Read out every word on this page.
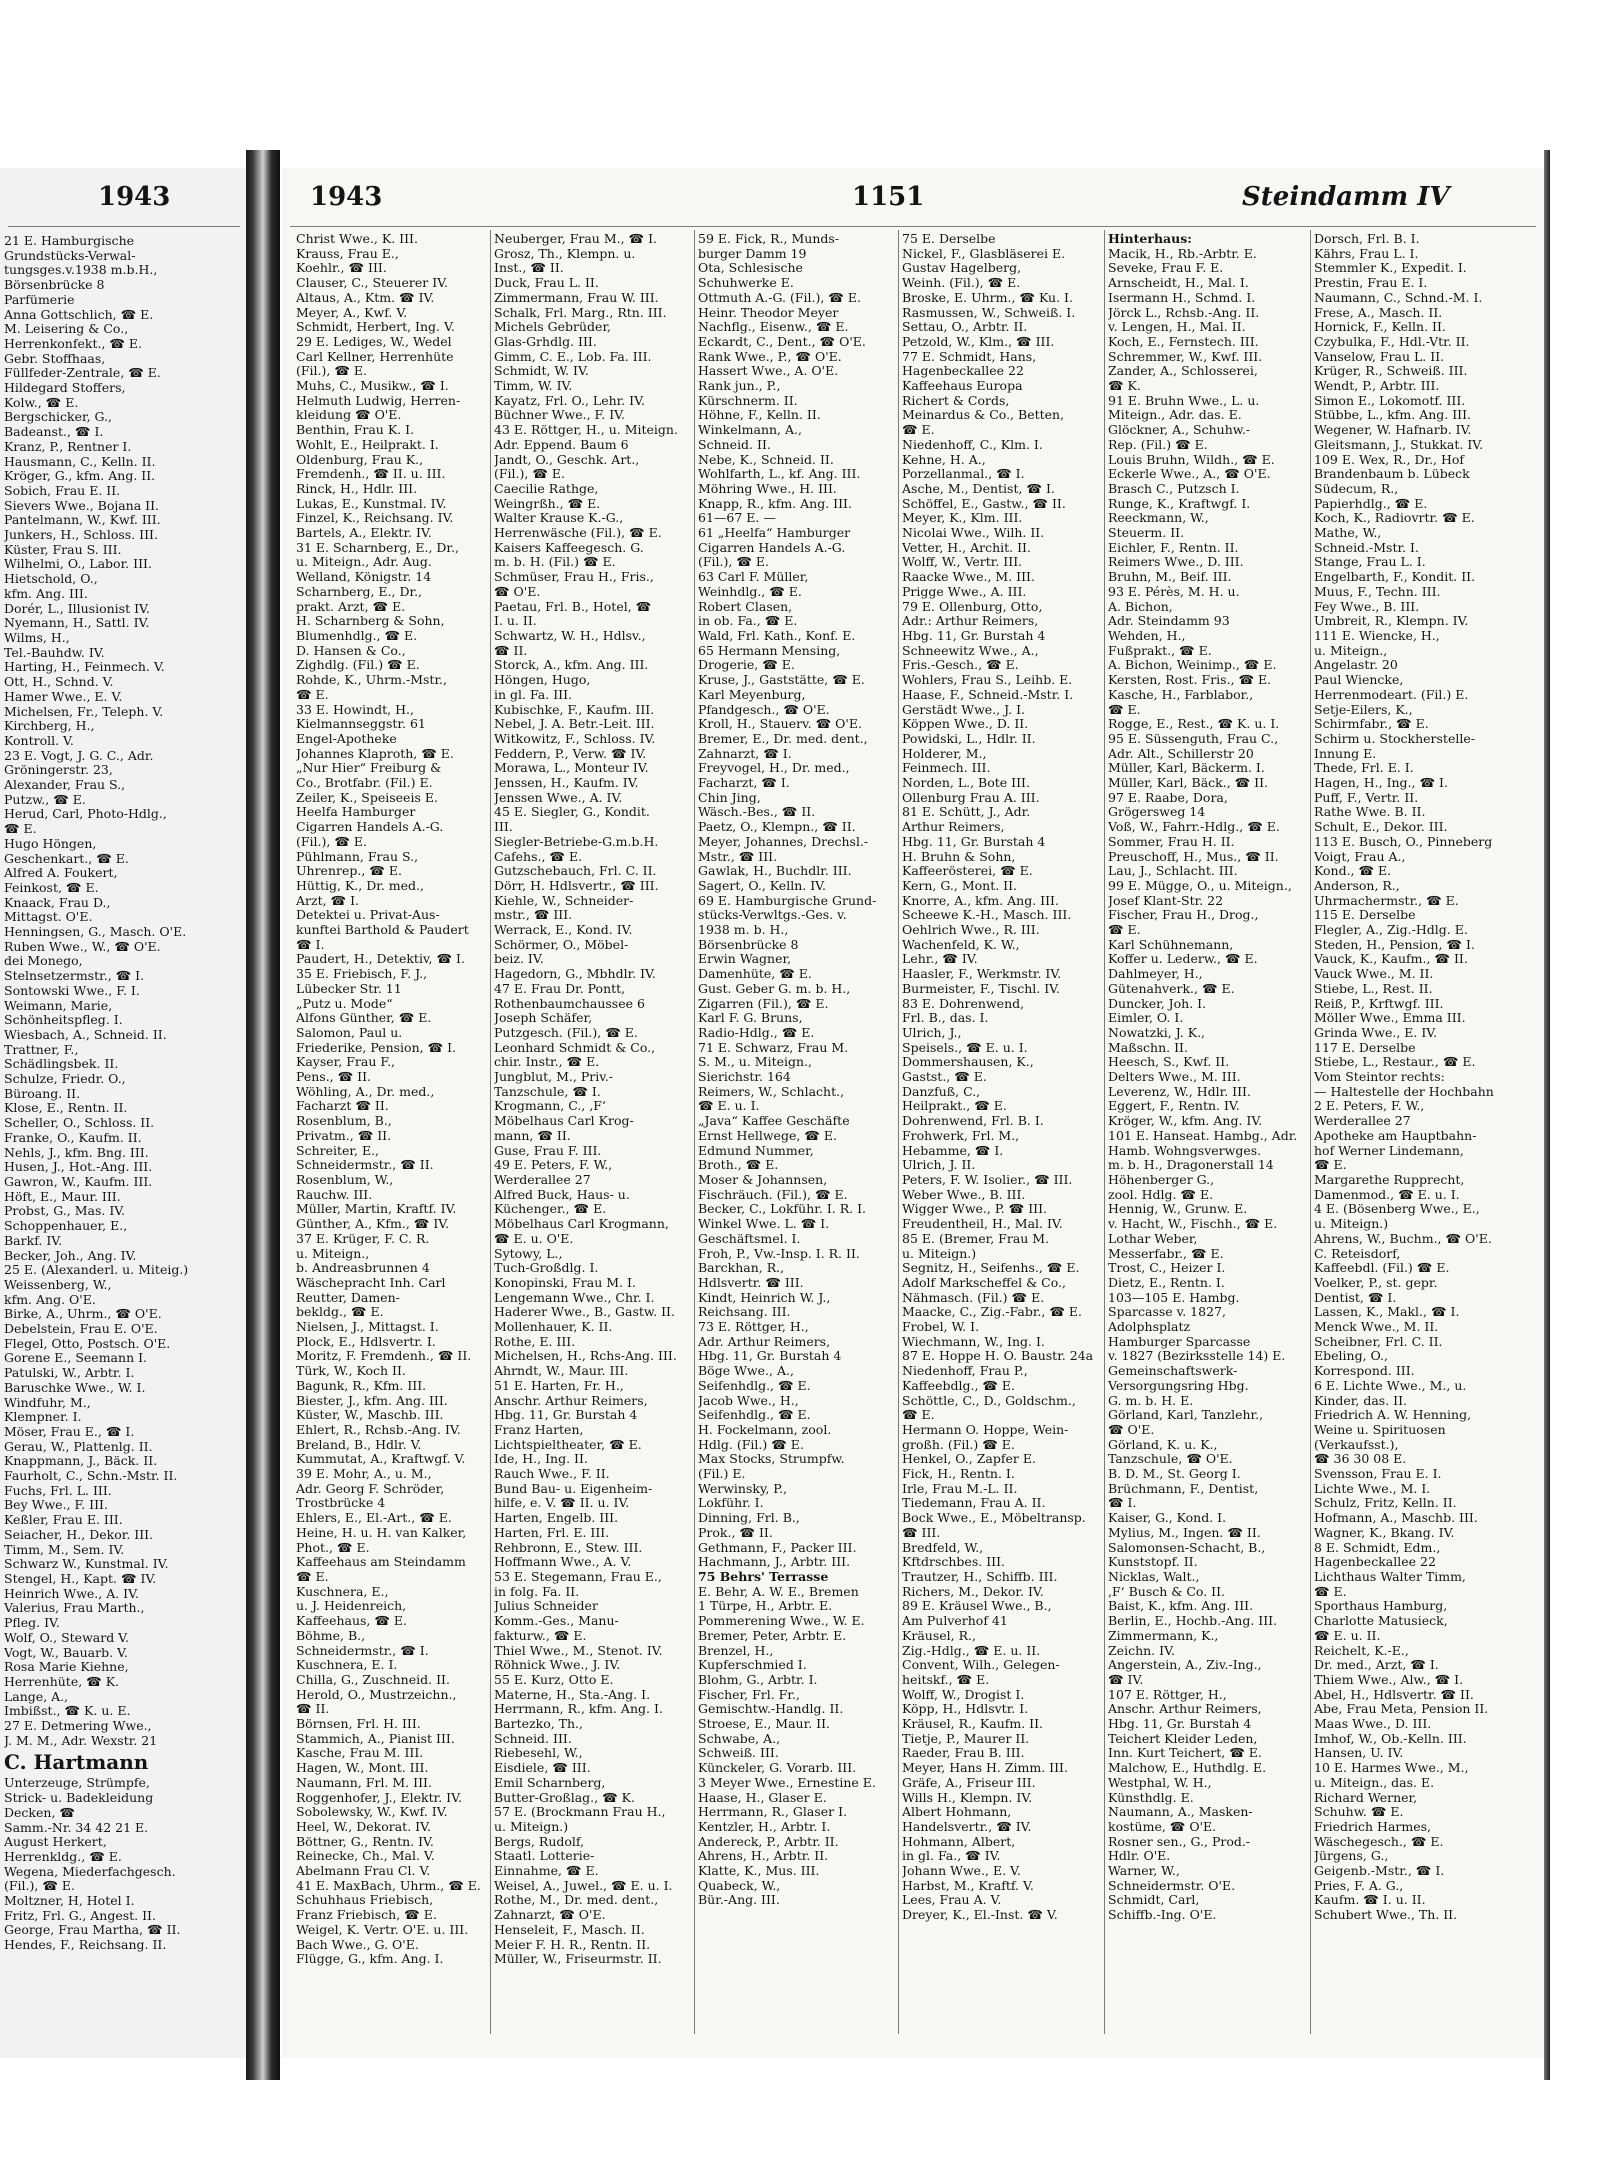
1943
21 E. Hamburgische
Grundstücks-Verwal-
tungsges.v.1938 m.b.H.,
Börsenbrücke 8
Parfümerie
Anna Gottschlich, ☎ E.
M. Leisering & Co.,
Herrenkonfekt., ☎ E.
Gebr. Stoffhaas,
Füllfeder-Zentrale, ☎ E.
Hildegard Stoffers,
Kolw., ☎ E.
Bergschicker, G.,
Badeanst., ☎ I.
Kranz, P., Rentner I.
Hausmann, C., Kelln. II.
Kröger, G., kfm. Ang. II.
Sobich, Frau E. II.
Sievers Wwe., Bojana II.
Pantelmann, W., Kwf. III.
Junkers, H., Schloss. III.
Küster, Frau S. III.
Wilhelmi, O., Labor. III.
Hietschold, O.,
kfm. Ang. III.
Dorér, L., Illusionist IV.
Nyemann, H., Sattl. IV.
Wilms, H.,
Tel.-Bauhdw. IV.
Harting, H., Feinmech. V.
Ott, H., Schnd. V.
Hamer Wwe., E. V.
Michelsen, Fr., Teleph. V.
Kirchberg, H.,
Kontroll. V.
23 E. Vogt, J. G. C., Adr.
Gröningerstr. 23,
Alexander, Frau S.,
Putzw., ☎ E.
Herud, Carl, Photo-Hdlg.,
☎ E.
Hugo Höngen,
Geschenkart., ☎ E.
Alfred A. Foukert,
Feinkost, ☎ E.
Knaack, Frau D.,
Mittagst. O'E.
Henningsen, G., Masch. O'E.
Ruben Wwe., W., ☎ O'E.
dei Monego,
Stelnsetzermstr., ☎ I.
Sontowski Wwe., F. I.
Weimann, Marie,
Schönheitspfleg. I.
Wiesbach, A., Schneid. II.
Trattner, F.,
Schädlingsbek. II.
Schulze, Friedr. O.,
Büroang. II.
Klose, E., Rentn. II.
Scheller, O., Schloss. II.
Franke, O., Kaufm. II.
Nehls, J., kfm. Bng. III.
Husen, J., Hot.-Ang. III.
Gawron, W., Kaufm. III.
Höft, E., Maur. III.
Probst, G., Mas. IV.
Schoppenhauer, E.,
Barkf. IV.
Becker, Joh., Ang. IV.
25 E. (Alexanderl. u. Miteig.)
Weissenberg, W.,
kfm. Ang. O'E.
Birke, A., Uhrm., ☎ O'E.
Debelstein, Frau E. O'E.
Flegel, Otto, Postsch. O'E.
Gorene E., Seemann I.
Patulski, W., Arbtr. I.
Baruschke Wwe., W. I.
Windfuhr, M.,
Klempner. I.
Möser, Frau E., ☎ I.
Gerau, W., Plattenlg. II.
Knappmann, J., Bäck. II.
Faurholt, C., Schn.-Mstr. II.
Fuchs, Frl. L. III.
Bey Wwe., F. III.
Keßler, Frau E. III.
Seiacher, H., Dekor. III.
Timm, M., Sem. IV.
Schwarz W., Kunstmal. IV.
Stengel, H., Kapt. ☎ IV.
Heinrich Wwe., A. IV.
Valerius, Frau Marth.,
Pfleg. IV.
Wolf, O., Steward V.
Vogt, W., Bauarb. V.
Rosa Marie Kiehne,
Herrenhüte, ☎ K.
Lange, A.,
Imbißst., ☎ K. u. E.
27 E. Detmering Wwe.,
J. M. M., Adr. Wexstr. 21
C. Hartmann
Unterzeuge, Strümpfe,
Strick- u. Badekleidung
Decken, ☎
Samm.-Nr. 34 42 21 E.
August Herkert,
Herrenkldg., ☎ E.
Wegena, Miederfachgesch.
(Fil.), ☎ E.
Moltzner, H, Hotel I.
Fritz, Frl. G., Angest. II.
George, Frau Martha, ☎ II.
Hendes, F., Reichsang. II.
1943	1151	Steindamm IV
Christ Wwe., K. III.
Krauss, Frau E.,
Koehlr., ☎ III.
Clauser, C., Steuerer IV.
Altaus, A., Ktm. ☎ IV.
Meyer, A., Kwf. V.
Schmidt, Herbert, Ing. V.
29 E. Lediges, W., Wedel
Carl Kellner, Herrenhüte
(Fil.), ☎ E.
Muhs, C., Musikw., ☎ I.
Helmuth Ludwig, Herren-
kleidung ☎ O'E.
Benthin, Frau K. I.
Wohlt, E., Heilprakt. I.
Oldenburg, Frau K.,
Fremdenh., ☎ II. u. III.
Rinck, H., Hdlr. III.
Lukas, E., Kunstmal. IV.
Finzel, K., Reichsang. IV.
Bartels, A., Elektr. IV.
31 E. Scharnberg, E., Dr.,
u. Miteign., Adr. Aug.
Welland, Königstr. 14
Scharnberg, E., Dr.,
prakt. Arzt, ☎ E.
H. Scharnberg & Sohn,
Blumenhdlg., ☎ E.
D. Hansen & Co.,
Zighdlg. (Fil.) ☎ E.
Rohde, K., Uhrm.-Mstr.,
☎ E.
33 E. Howindt, H.,
Kielmannseggstr. 61
Engel-Apotheke
Johannes Klaproth, ☎ E.
„Nur Hier“ Freiburg &
Co., Brotfabr. (Fil.) E.
Zeiler, K., Speiseeis E.
Heelfa Hamburger
Cigarren Handels A.-G.
(Fil.), ☎ E.
Pühlmann, Frau S.,
Uhrenrep., ☎ E.
Hüttig, K., Dr. med.,
Arzt, ☎ I.
Detektei u. Privat-Aus-
kunftei Barthold & Paudert
☎ I.
Paudert, H., Detektiv, ☎ I.
35 E. Friebisch, F. J.,
Lübecker Str. 11
„Putz u. Mode“
Alfons Günther, ☎ E.
Salomon, Paul u.
Friederike, Pension, ☎ I.
Kayser, Frau F.,
Pens., ☎ II.
Wöhling, A., Dr. med.,
Facharzt ☎ II.
Rosenblum, B.,
Privatm., ☎ II.
Schreiter, E.,
Schneidermstr., ☎ II.
Rosenblum, W.,
Rauchw. III.
Müller, Martin, Kraftf. IV.
Günther, A., Kfm., ☎ IV.
37 E. Krüger, F. C. R.
u. Miteign.,
b. Andreasbrunnen 4
Wäschepracht Inh. Carl
Reutter, Damen-
bekldg., ☎ E.
Nielsen, J., Mittagst. I.
Plock, E., Hdlsvertr. I.
Moritz, F. Fremdenh., ☎ II.
Türk, W., Koch II.
Bagunk, R., Kfm. III.
Biester, J., kfm. Ang. III.
Küster, W., Maschb. III.
Ehlert, R., Rchsb.-Ang. IV.
Breland, B., Hdlr. V.
Kummutat, A., Kraftwgf. V.
39 E. Mohr, A., u. M.,
Adr. Georg F. Schröder,
Trostbrücke 4
Ehlers, E., El.-Art., ☎ E.
Heine, H. u. H. van Kalker,
Phot., ☎ E.
Kaffeehaus am Steindamm
☎ E.
Kuschnera, E.,
u. J. Heidenreich,
Kaffeehaus, ☎ E.
Böhme, B.,
Schneidermstr., ☎ I.
Kuschnera, E. I.
Chilla, G., Zuschneid. II.
Herold, O., Mustrzeichn.,
☎ II.
Börnsen, Frl. H. III.
Stammich, A., Pianist III.
Kasche, Frau M. III.
Hagen, W., Mont. III.
Naumann, Frl. M. III.
Roggenhofer, J., Elektr. IV.
Sobolewsky, W., Kwf. IV.
Heel, W., Dekorat. IV.
Böttner, G., Rentn. IV.
Reinecke, Ch., Mal. V.
Abelmann Frau Cl. V.
41 E. MaxBach, Uhrm., ☎ E.
Schuhhaus Friebisch,
Franz Friebisch, ☎ E.
Weigel, K. Vertr. O'E. u. III.
Bach Wwe., G. O'E.
Flügge, G., kfm. Ang. I.
Neuberger, Frau M., ☎ I.
Grosz, Th., Klempn. u.
Inst., ☎ II.
Duck, Frau L. II.
Zimmermann, Frau W. III.
Schalk, Frl. Marg., Rtn. III.
Michels Gebrüder,
Glas-Grhdlg. III.
Gimm, C. E., Lob. Fa. III.
Schmidt, W. IV.
Timm, W. IV.
Kayatz, Frl. O., Lehr. IV.
Büchner Wwe., F. IV.
43 E. Röttger, H., u. Miteign.
Adr. Eppend. Baum 6
Jandt, O., Geschk. Art.,
(Fil.), ☎ E.
Caecilie Rathge,
Weingrßh., ☎ E.
Walter Krause K.-G.,
Herrenwäsche (Fil.), ☎ E.
Kaisers Kaffeegesch. G.
m. b. H. (Fil.) ☎ E.
Schmüser, Frau H., Fris.,
☎ O'E.
Paetau, Frl. B., Hotel, ☎
I. u. II.
Schwartz, W. H., Hdlsv.,
☎ II.
Storck, A., kfm. Ang. III.
Höngen, Hugo,
in gl. Fa. III.
Kubischke, F., Kaufm. III.
Nebel, J. A. Betr.-Leit. III.
Witkowitz, F., Schloss. IV.
Feddern, P., Verw. ☎ IV.
Morawa, L., Monteur IV.
Jenssen, H., Kaufm. IV.
Jenssen Wwe., A. IV.
45 E. Siegler, G., Kondit.
III.
Siegler-Betriebe-G.m.b.H.
Cafehs., ☎ E.
Gutzschebauch, Frl. C. II.
Dörr, H. Hdlsvertr., ☎ III.
Kiehle, W., Schneider-
mstr., ☎ III.
Werrack, E., Kond. IV.
Schörmer, O., Möbel-
beiz. IV.
Hagedorn, G., Mbhdlr. IV.
47 E. Frau Dr. Pontt,
Rothenbaumchaussee 6
Joseph Schäfer,
Putzgesch. (Fil.), ☎ E.
Leonhard Schmidt & Co.,
chir. Instr., ☎ E.
Jungblut, M., Priv.-
Tanzschule, ☎ I.
Krogmann, C., ‚F‘
Möbelhaus Carl Krog-
mann, ☎ II.
Guse, Frau F. III.
49 E. Peters, F. W.,
Werderallee 27
Alfred Buck, Haus- u.
Küchenger., ☎ E.
Möbelhaus Carl Krogmann,
☎ E. u. O'E.
Sytowy, L.,
Tuch-Großdlg. I.
Konopinski, Frau M. I.
Lengemann Wwe., Chr. I.
Haderer Wwe., B., Gastw. II.
Mollenhauer, K. II.
Rothe, E. III.
Michelsen, H., Rchs-Ang. III.
Ahrndt, W., Maur. III.
51 E. Harten, Fr. H.,
Anschr. Arthur Reimers,
Hbg. 11, Gr. Burstah 4
Franz Harten,
Lichtspieltheater, ☎ E.
Ide, H., Ing. II.
Rauch Wwe., F. II.
Bund Bau- u. Eigenheim-
hilfe, e. V. ☎ II. u. IV.
Harten, Engelb. III.
Harten, Frl. E. III.
Rehbronn, E., Stew. III.
Hoffmann Wwe., A. V.
53 E. Stegemann, Frau E.,
in folg. Fa. II.
Julius Schneider
Komm.-Ges., Manu-
fakturw., ☎ E.
Thiel Wwe., M., Stenot. IV.
Röhnick Wwe., J. IV.
55 E. Kurz, Otto E.
Materne, H., Sta.-Ang. I.
Herrmann, R., kfm. Ang. I.
Bartezko, Th.,
Schneid. III.
Riebesehl, W.,
Eisdiele, ☎ III.
Emil Scharnberg,
Butter-Großlag., ☎ K.
57 E. (Brockmann Frau H.,
u. Miteign.)
Bergs, Rudolf,
Staatl. Lotterie-
Einnahme, ☎ E.
Weisel, A., Juwel., ☎ E. u. I.
Rothe, M., Dr. med. dent.,
Zahnarzt, ☎ O'E.
Henseleit, F., Masch. II.
Meier F. H. R., Rentn. II.
Müller, W., Friseurmstr. II.
59 E. Fick, R., Munds-
burger Damm 19
Ota, Schlesische
Schuhwerke E.
Ottmuth A.-G. (Fil.), ☎ E.
Heinr. Theodor Meyer
Nachflg., Eisenw., ☎ E.
Eckardt, C., Dent., ☎ O'E.
Rank Wwe., P., ☎ O'E.
Hassert Wwe., A. O'E.
Rank jun., P.,
Kürschnerm. II.
Höhne, F., Kelln. II.
Winkelmann, A.,
Schneid. II.
Nebe, K., Schneid. II.
Wohlfarth, L., kf. Ang. III.
Möhring Wwe., H. III.
Knapp, R., kfm. Ang. III.
61—67 E. —
61 „Heelfa“ Hamburger
Cigarren Handels A.-G.
(Fil.), ☎ E.
63 Carl F. Müller,
Weinhdlg., ☎ E.
Robert Clasen,
in ob. Fa., ☎ E.
Wald, Frl. Kath., Konf. E.
65 Hermann Mensing,
Drogerie, ☎ E.
Kruse, J., Gaststätte, ☎ E.
Karl Meyenburg,
Pfandgesch., ☎ O'E.
Kroll, H., Stauerv. ☎ O'E.
Bremer, E., Dr. med. dent.,
Zahnarzt, ☎ I.
Freyvogel, H., Dr. med.,
Facharzt, ☎ I.
Chin Jing,
Wäsch.-Bes., ☎ II.
Paetz, O., Klempn., ☎ II.
Meyer, Johannes, Drechsl.-
Mstr., ☎ III.
Gawlak, H., Buchdlr. III.
Sagert, O., Kelln. IV.
69 E. Hamburgische Grund-
stücks-Verwltgs.-Ges. v.
1938 m. b. H.,
Börsenbrücke 8
Erwin Wagner,
Damenhüte, ☎ E.
Gust. Geber G. m. b. H.,
Zigarren (Fil.), ☎ E.
Karl F. G. Bruns,
Radio-Hdlg., ☎ E.
71 E. Schwarz, Frau M.
S. M., u. Miteign.,
Sierichstr. 164
Reimers, W., Schlacht.,
☎ E. u. I.
„Java“ Kaffee Geschäfte
Ernst Hellwege, ☎ E.
Edmund Nummer,
Broth., ☎ E.
Moser & Johannsen,
Fischräuch. (Fil.), ☎ E.
Becker, C., Lokführ. I. R. I.
Winkel Wwe. L. ☎ I.
Geschäftsmel. I.
Froh, P., Vw.-Insp. I. R. II.
Barckhan, R.,
Hdlsvertr. ☎ III.
Kindt, Heinrich W. J.,
Reichsang. III.
73 E. Röttger, H.,
Adr. Arthur Reimers,
Hbg. 11, Gr. Burstah 4
Böge Wwe., A.,
Seifenhdlg., ☎ E.
Jacob Wwe., H.,
Seifenhdlg., ☎ E.
H. Fockelmann, zool.
Hdlg. (Fil.) ☎ E.
Max Stocks, Strumpfw.
(Fil.) E.
Werwinsky, P.,
Lokführ. I.
Dinning, Frl. B.,
Prok., ☎ II.
Gethmann, F., Packer III.
Hachmann, J., Arbtr. III.
75 Behrs' Terrasse
E. Behr, A. W. E., Bremen
1 Türpe, H., Arbtr. E.
Pommerening Wwe., W. E.
Bremer, Peter, Arbtr. E.
Brenzel, H.,
Kupferschmied I.
Blohm, G., Arbtr. I.
Fischer, Frl. Fr.,
Gemischtw.-Handlg. II.
Stroese, E., Maur. II.
Schwabe, A.,
Schweiß. III.
Künckeler, G. Vorarb. III.
3 Meyer Wwe., Ernestine E.
Haase, H., Glaser E.
Herrmann, R., Glaser I.
Kentzler, H., Arbtr. I.
Andereck, P., Arbtr. II.
Ahrens, H., Arbtr. II.
Klatte, K., Mus. III.
Quabeck, W.,
Bür.-Ang. III.
75 E. Derselbe
Nickel, F., Glasbläserei E.
Gustav Hagelberg,
Weinh. (Fil.), ☎ E.
Broske, E. Uhrm., ☎ Ku. I.
Rasmussen, W., Schweiß. I.
Settau, O., Arbtr. II.
Petzold, W., Klm., ☎ III.
77 E. Schmidt, Hans,
Hagenbeckallee 22
Kaffeehaus Europa
Richert & Cords,
Meinardus & Co., Betten,
☎ E.
Niedenhoff, C., Klm. I.
Kehne, H. A.,
Porzellanmal., ☎ I.
Asche, M., Dentist, ☎ I.
Schöffel, E., Gastw., ☎ II.
Meyer, K., Klm. III.
Nicolai Wwe., Wilh. II.
Vetter, H., Archit. II.
Wolff, W., Vertr. III.
Raacke Wwe., M. III.
Prigge Wwe., A. III.
79 E. Ollenburg, Otto,
Adr.: Arthur Reimers,
Hbg. 11, Gr. Burstah 4
Schneewitz Wwe., A.,
Fris.-Gesch., ☎ E.
Wohlers, Frau S., Leihb. E.
Haase, F., Schneid.-Mstr. I.
Gerstädt Wwe., J. I.
Köppen Wwe., D. II.
Powidski, L., Hdlr. II.
Holderer, M.,
Feinmech. III.
Norden, L., Bote III.
Ollenburg Frau A. III.
81 E. Schütt, J., Adr.
Arthur Reimers,
Hbg. 11, Gr. Burstah 4
H. Bruhn & Sohn,
Kaffeerösterei, ☎ E.
Kern, G., Mont. II.
Knorre, A., kfm. Ang. III.
Scheewe K.-H., Masch. III.
Oehlrich Wwe., R. III.
Wachenfeld, K. W.,
Lehr., ☎ IV.
Haasler, F., Werkmstr. IV.
Burmeister, F., Tischl. IV.
83 E. Dohrenwend,
Frl. B., das. I.
Ulrich, J.,
Speisels., ☎ E. u. I.
Dommershausen, K.,
Gastst., ☎ E.
Danzfuß, C.,
Heilprakt., ☎ E.
Dohrenwend, Frl. B. I.
Frohwerk, Frl. M.,
Hebamme, ☎ I.
Ulrich, J. II.
Peters, F. W. Isolier., ☎ III.
Weber Wwe., B. III.
Wigger Wwe., P. ☎ III.
Freudentheil, H., Mal. IV.
85 E. (Bremer, Frau M.
u. Miteign.)
Segnitz, H., Seifenhs., ☎ E.
Adolf Markscheffel & Co.,
Nähmasch. (Fil.) ☎ E.
Maacke, C., Zig.-Fabr., ☎ E.
Frobel, W. I.
Wiechmann, W., Ing. I.
87 E. Hoppe H. O. Baustr. 24a
Niedenhoff, Frau P.,
Kaffeebdlg., ☎ E.
Schöttle, C., D., Goldschm.,
☎ E.
Hermann O. Hoppe, Wein-
großh. (Fil.) ☎ E.
Henkel, O., Zapfer E.
Fick, H., Rentn. I.
Irle, Frau M.-L. II.
Tiedemann, Frau A. II.
Bock Wwe., E., Möbeltransp.
☎ III.
Bredfeld, W.,
Kftdrschbes. III.
Trautzer, H., Schiffb. III.
Richers, M., Dekor. IV.
89 E. Kräusel Wwe., B.,
Am Pulverhof 41
Kräusel, R.,
Zig.-Hdlg., ☎ E. u. II.
Convent, Wilh., Gelegen-
heitskf., ☎ E.
Wolff, W., Drogist I.
Köpp, H., Hdlsvtr. I.
Kräusel, R., Kaufm. II.
Tietje, P., Maurer II.
Raeder, Frau B. III.
Meyer, Hans H. Zimm. III.
Gräfe, A., Friseur III.
Wills H., Klempn. IV.
Albert Hohmann,
Handelsvertr., ☎ IV.
Hohmann, Albert,
in gl. Fa., ☎ IV.
Johann Wwe., E. V.
Harbst, M., Kraftf. V.
Lees, Frau A. V.
Dreyer, K., El.-Inst. ☎ V.
Hinterhaus:
Macik, H., Rb.-Arbtr. E.
Seveke, Frau F. E.
Arnscheidt, H., Mal. I.
Isermann H., Schmd. I.
Jörck L., Rchsb.-Ang. II.
v. Lengen, H., Mal. II.
Koch, E., Fernstech. III.
Schremmer, W., Kwf. III.
Zander, A., Schlosserei,
☎ K.
91 E. Bruhn Wwe., L. u.
Miteign., Adr. das. E.
Glöckner, A., Schuhw.-
Rep. (Fil.) ☎ E.
Louis Bruhn, Wildh., ☎ E.
Eckerle Wwe., A., ☎ O'E.
Brasch C., Putzsch I.
Runge, K., Kraftwgf. I.
Reeckmann, W.,
Steuerm. II.
Eichler, F., Rentn. II.
Reimers Wwe., D. III.
Bruhn, M., Beif. III.
93 E. Pérès, M. H. u.
A. Bichon,
Adr. Steindamm 93
Wehden, H.,
Fußprakt., ☎ E.
A. Bichon, Weinimp., ☎ E.
Kersten, Rost. Fris., ☎ E.
Kasche, H., Farblabor.,
☎ E.
Rogge, E., Rest., ☎ K. u. I.
95 E. Süssenguth, Frau C.,
Adr. Alt., Schillerstr 20
Müller, Karl, Bäckerm. I.
Müller, Karl, Bäck., ☎ II.
97 E. Raabe, Dora,
Grögersweg 14
Voß, W., Fahrr.-Hdlg., ☎ E.
Sommer, Frau H. II.
Preuschoff, H., Mus., ☎ II.
Lau, J., Schlacht. III.
99 E. Mügge, O., u. Miteign.,
Josef Klant-Str. 22
Fischer, Frau H., Drog.,
☎ E.
Karl Schühnemann,
Koffer u. Lederw., ☎ E.
Dahlmeyer, H.,
Gütenahverk., ☎ E.
Duncker, Joh. I.
Eimler, O. I.
Nowatzki, J. K.,
Maßschn. II.
Heesch, S., Kwf. II.
Delters Wwe., M. III.
Leverenz, W., Hdlr. III.
Eggert, F., Rentn. IV.
Kröger, W., kfm. Ang. IV.
101 E. Hanseat. Hambg., Adr.
Hamb. Wohngsverwges.
m. b. H., Dragonerstall 14
Höhenberger G.,
zool. Hdlg. ☎ E.
Hennig, W., Grunw. E.
v. Hacht, W., Fischh., ☎ E.
Lothar Weber,
Messerfabr., ☎ E.
Trost, C., Heizer I.
Dietz, E., Rentn. I.
103—105 E. Hambg.
Sparcasse v. 1827,
Adolphsplatz
Hamburger Sparcasse
v. 1827 (Bezirksstelle 14) E.
Gemeinschaftswerk-
Versorgungsring Hbg.
G. m. b. H. E.
Görland, Karl, Tanzlehr.,
☎ O'E.
Görland, K. u. K.,
Tanzschule, ☎ O'E.
B. D. M., St. Georg I.
Brüchmann, F., Dentist,
☎ I.
Kaiser, G., Kond. I.
Mylius, M., Ingen. ☎ II.
Salomonsen-Schacht, B.,
Kunststopf. II.
Nicklas, Walt.,
‚F‘ Busch & Co. II.
Baist, K., kfm. Ang. III.
Berlin, E., Hochb.-Ang. III.
Zimmermann, K.,
Zeichn. IV.
Angerstein, A., Ziv.-Ing.,
☎ IV.
107 E. Röttger, H.,
Anschr. Arthur Reimers,
Hbg. 11, Gr. Burstah 4
Teichert Kleider Leden,
Inn. Kurt Teichert, ☎ E.
Malchow, E., Huthdlg. E.
Westphal, W. H.,
Künsthdlg. E.
Naumann, A., Masken-
kostüme, ☎ O'E.
Rosner sen., G., Prod.-
Hdlr. O'E.
Warner, W.,
Schneidermstr. O'E.
Schmidt, Carl,
Schiffb.-Ing. O'E.
Dorsch, Frl. B. I.
Kährs, Frau L. I.
Stemmler K., Expedit. I.
Prestin, Frau E. I.
Naumann, C., Schnd.-M. I.
Frese, A., Masch. II.
Hornick, F., Kelln. II.
Czybulka, F., Hdl.-Vtr. II.
Vanselow, Frau L. II.
Krüger, R., Schweiß. III.
Wendt, P., Arbtr. III.
Simon E., Lokomotf. III.
Stübbe, L., kfm. Ang. III.
Wegener, W. Hafnarb. IV.
Gleitsmann, J., Stukkat. IV.
109 E. Wex, R., Dr., Hof
Brandenbaum b. Lübeck
Südecum, R.,
Papierhdlg., ☎ E.
Koch, K., Radiovrtr. ☎ E.
Mathe, W.,
Schneid.-Mstr. I.
Stange, Frau L. I.
Engelbarth, F., Kondit. II.
Muus, F., Techn. III.
Fey Wwe., B. III.
Umbreit, R., Klempn. IV.
111 E. Wiencke, H.,
u. Miteign.,
Angelastr. 20
Paul Wiencke,
Herrenmodeart. (Fil.) E.
Setje-Eilers, K.,
Schirmfabr., ☎ E.
Schirm u. Stockherstelle-
Innung E.
Thede, Frl. E. I.
Hagen, H., Ing., ☎ I.
Puff, F., Vertr. II.
Rathe Wwe. B. II.
Schult, E., Dekor. III.
113 E. Busch, O., Pinneberg
Voigt, Frau A.,
Kond., ☎ E.
Anderson, R.,
Uhrmachermstr., ☎ E.
115 E. Derselbe
Flegler, A., Zig.-Hdlg. E.
Steden, H., Pension, ☎ I.
Vauck, K., Kaufm., ☎ II.
Vauck Wwe., M. II.
Stiebe, L., Rest. II.
Reiß, P., Krftwgf. III.
Möller Wwe., Emma III.
Grinda Wwe., E. IV.
117 E. Derselbe
Stiebe, L., Restaur., ☎ E.
Vom Steintor rechts:
— Haltestelle der Hochbahn
2 E. Peters, F. W.,
Werderallee 27
Apotheke am Hauptbahn-
hof Werner Lindemann,
☎ E.
Margarethe Rupprecht,
Damenmod., ☎ E. u. I.
4 E. (Bösenberg Wwe., E.,
u. Miteign.)
Ahrens, W., Buchm., ☎ O'E.
C. Reteisdorf,
Kaffeebdl. (Fil.) ☎ E.
Voelker, P., st. gepr.
Dentist, ☎ I.
Lassen, K., Makl., ☎ I.
Menck Wwe., M. II.
Scheibner, Frl. C. II.
Ebeling, O.,
Korrespond. III.
6 E. Lichte Wwe., M., u.
Kinder, das. II.
Friedrich A. W. Henning,
Weine u. Spirituosen
(Verkaufsst.),
☎ 36 30 08 E.
Svensson, Frau E. I.
Lichte Wwe., M. I.
Schulz, Fritz, Kelln. II.
Hofmann, A., Maschb. III.
Wagner, K., Bkang. IV.
8 E. Schmidt, Edm.,
Hagenbeckallee 22
Lichthaus Walter Timm,
☎ E.
Sporthaus Hamburg,
Charlotte Matusieck,
☎ E. u. II.
Reichelt, K.-E.,
Dr. med., Arzt, ☎ I.
Thiem Wwe., Alw., ☎ I.
Abel, H., Hdlsvertr. ☎ II.
Abe, Frau Meta, Pension II.
Maas Wwe., D. III.
Imhof, W., Ob.-Kelln. III.
Hansen, U. IV.
10 E. Harmes Wwe., M.,
u. Miteign., das. E.
Richard Werner,
Schuhw. ☎ E.
Friedrich Harmes,
Wäschegesch., ☎ E.
Jürgens, G.,
Geigenb.-Mstr., ☎ I.
Pries, F. A. G.,
Kaufm. ☎ I. u. II.
Schubert Wwe., Th. II.
